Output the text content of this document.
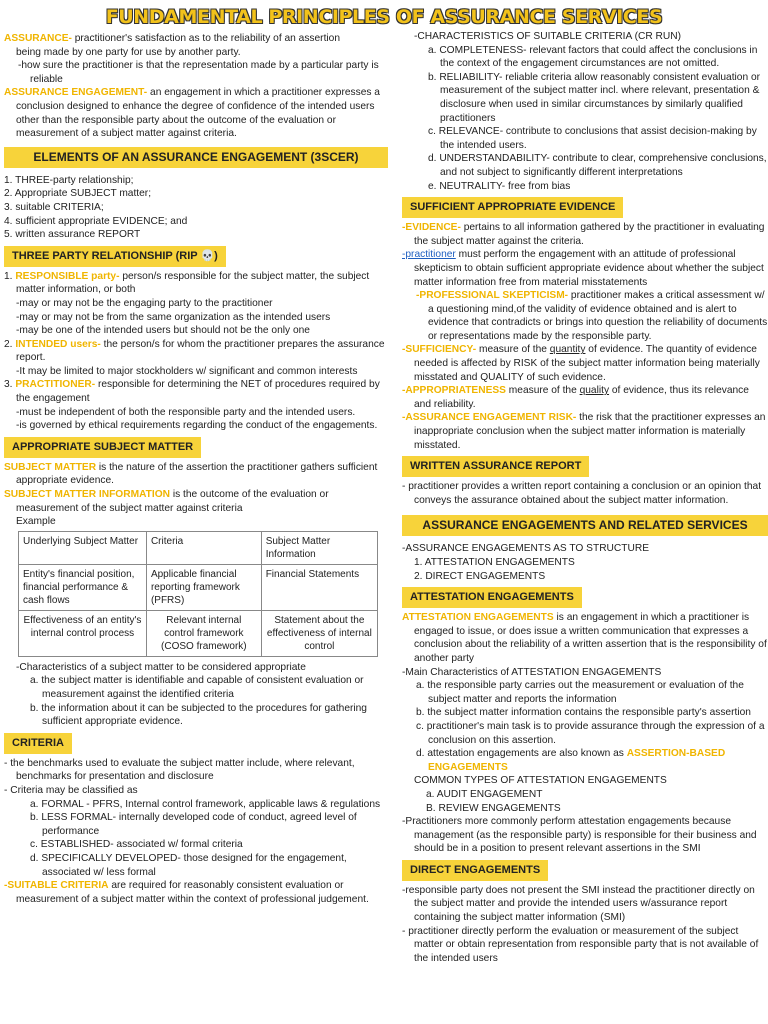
FUNDAMENTAL PRINCIPLES OF ASSURANCE SERVICES

ASSURANCE- practitioner's satisfaction as to the reliability of an assertion

being made by one party for use by another party.

-how sure the practitioner is that the representation made by a particular party is reliable

ASSURANCE ENGAGEMENT- an engagement in which a practitioner expresses a conclusion designed to enhance the degree of confidence of the intended users other than the responsible party about the outcome of the evaluation or measurement of a subject matter against criteria.

ELEMENTS OF AN ASSURANCE ENGAGEMENT (3SCER)

1. THREE-party relationship;

2. Appropriate SUBJECT matter;

3. suitable CRITERIA;

4. sufficient appropriate EVIDENCE; and

5. written assurance REPORT

THREE PARTY RELATIONSHIP (RIP 💀)

1. RESPONSIBLE party- person/s responsible for the subject matter, the subject matter information, or both

-may or may not be the engaging party to the practitioner

-may or may not be from the same organization as the intended users

-may be one of the intended users but should not be the only one

2. INTENDED users- the person/s for whom the practitioner prepares the assurance report.

-It may be limited to major stockholders w/ significant and common interests

3. PRACTITIONER- responsible for determining the NET of procedures required by the engagement

-must be independent of both the responsible party and the intended users.

-is governed by ethical requirements regarding the conduct of the engagements.

APPROPRIATE SUBJECT MATTER

SUBJECT MATTER is the nature of the assertion the practitioner gathers sufficient appropriate evidence.

SUBJECT MATTER INFORMATION is the outcome of the evaluation or measurement of the subject matter against criteria

Example

Underlying Subject Matter	Criteria	Subject Matter Information
Entity's financial position, financial performance & cash flows	Applicable financial reporting framework (PFRS)	Financial Statements
Effectiveness of an entity's internal control process	Relevant internal control framework (COSO framework)	Statement about the effectiveness of internal control

-Characteristics of a subject matter to be considered appropriate

a. the subject matter is identifiable and capable of consistent evaluation or measurement against the identified criteria

b. the information about it can be subjected to the procedures for gathering sufficient appropriate evidence.

CRITERIA

- the benchmarks used to evaluate the subject matter include, where relevant, benchmarks for presentation and disclosure

- Criteria may be classified as

a. FORMAL - PFRS, Internal control framework, applicable laws & regulations

b. LESS FORMAL- internally developed code of conduct, agreed level of performance

c. ESTABLISHED- associated w/ formal criteria

d. SPECIFICALLY DEVELOPED- those designed for the engagement, associated w/ less formal

-SUITABLE CRITERIA are required for reasonably consistent evaluation or measurement of a subject matter within the context of professional judgement.

-CHARACTERISTICS OF SUITABLE CRITERIA (CR RUN)

a. COMPLETENESS- relevant factors that could affect the conclusions in the context of the engagement circumstances are not omitted.

b. RELIABILITY- reliable criteria allow reasonably consistent evaluation or measurement of the subject matter incl. where relevant, presentation & disclosure when used in similar circumstances by similarly qualified practitioners

c. RELEVANCE- contribute to conclusions that assist decision-making by the intended users.

d. UNDERSTANDABILITY- contribute to clear, comprehensive conclusions, and not subject to significantly different interpretations

e. NEUTRALITY- free from bias

SUFFICIENT APPROPRIATE EVIDENCE

-EVIDENCE- pertains to all information gathered by the practitioner in evaluating the subject matter against the criteria.

-practitioner must perform the engagement with an attitude of professional skepticism to obtain sufficient appropriate evidence about whether the subject matter information free from material misstatements

-PROFESSIONAL SKEPTICISM- practitioner makes a critical assessment w/ a questioning mind,of the validity of evidence obtained and is alert to evidence that contradicts or brings into question the reliability of documents or representations made by the responsible party.

-SUFFICIENCY- measure of the quantity of evidence. The quantity of evidence needed is affected by RISK of the subject matter information being materially misstated and QUALITY of such evidence.

-APPROPRIATENESS measure of the quality of evidence, thus its relevance and reliability.

-ASSURANCE ENGAGEMENT RISK- the risk that the practitioner expresses an inappropriate conclusion when the subject matter information is materially misstated.

WRITTEN ASSURANCE REPORT

- practitioner provides a written report containing a conclusion or an opinion that conveys the assurance obtained about the subject matter information.

ASSURANCE ENGAGEMENTS AND RELATED SERVICES

-ASSURANCE ENGAGEMENTS AS TO STRUCTURE

1. ATTESTATION ENGAGEMENTS

2. DIRECT ENGAGEMENTS

ATTESTATION ENGAGEMENTS

ATTESTATION ENGAGEMENTS is an engagement in which a practitioner is engaged to issue, or does issue a written communication that expresses a conclusion about the reliability of a written assertion that is the responsibility of another party

-Main Characteristics of ATTESTATION ENGAGEMENTS

a. the responsible party carries out the measurement or evaluation of the subject matter and reports the information

b. the subject matter information contains the responsible party's assertion

c. practitioner's main task is to provide assurance through the expression of a conclusion on this assertion.

d. attestation engagements are also known as ASSERTION-BASED ENGAGEMENTS

COMMON TYPES OF ATTESTATION ENGAGEMENTS

a. AUDIT ENGAGEMENT

B. REVIEW ENGAGEMENTS

-Practitioners more commonly perform attestation engagements because management (as the responsible party) is responsible for their business and should be in a position to present relevant assertions in the SMI

DIRECT ENGAGEMENTS

-responsible party does not present the SMI instead the practitioner directly on the subject matter and provide the intended users w/assurance report containing the subject matter information (SMI)

- practitioner directly perform the evaluation or measurement of the subject matter or obtain representation from responsible party that is not available of the intended users
